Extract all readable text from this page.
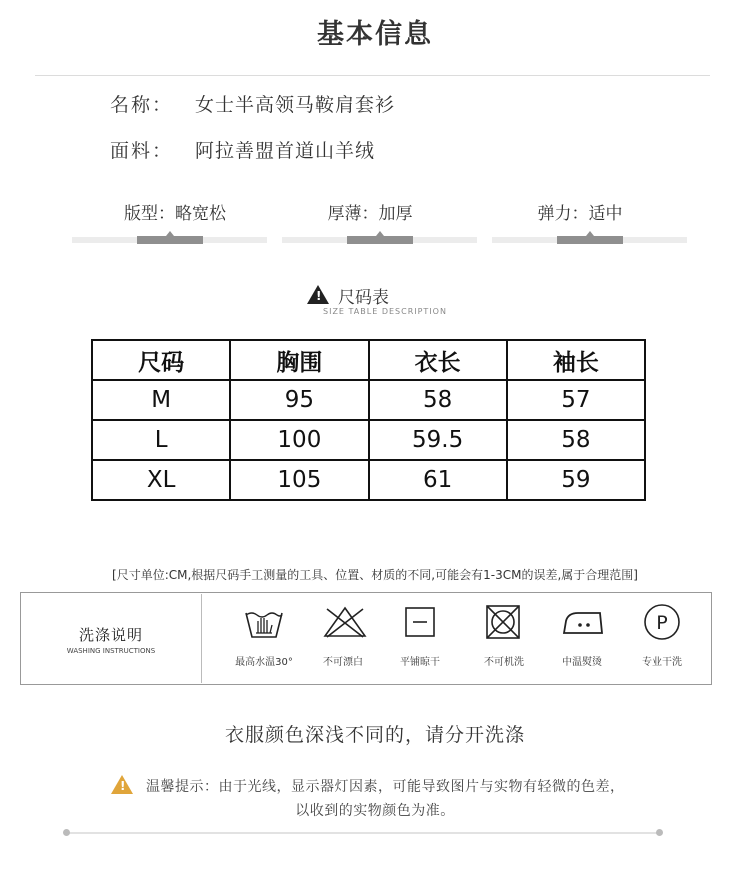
基本信息
名称： 女士半高领马鞍肩套衫
面料： 阿拉善盟首道山羊绒
版型：略宽松	厚薄：加厚	弹力：适中
! 尺码表
SIZE TABLE DESCRIPTION
尺码	胸围	衣长	袖长
M	95	58	57
L	100	59.5	58
XL	105	61	59
[尺寸单位:CM,根据尺码手工测量的工具、位置、材质的不同,可能会有1-3CM的误差,属于合理范围]
洗涤说明
WASHING INSTRUCTIONS
P
最高水温30°	不可漂白	平铺晾干	不可机洗	中温熨烫	专业干洗
衣服颜色深浅不同的，请分开洗涤
! 温馨提示：由于光线，显示器灯因素，可能导致图片与实物有轻微的色差，
以收到的实物颜色为准。
